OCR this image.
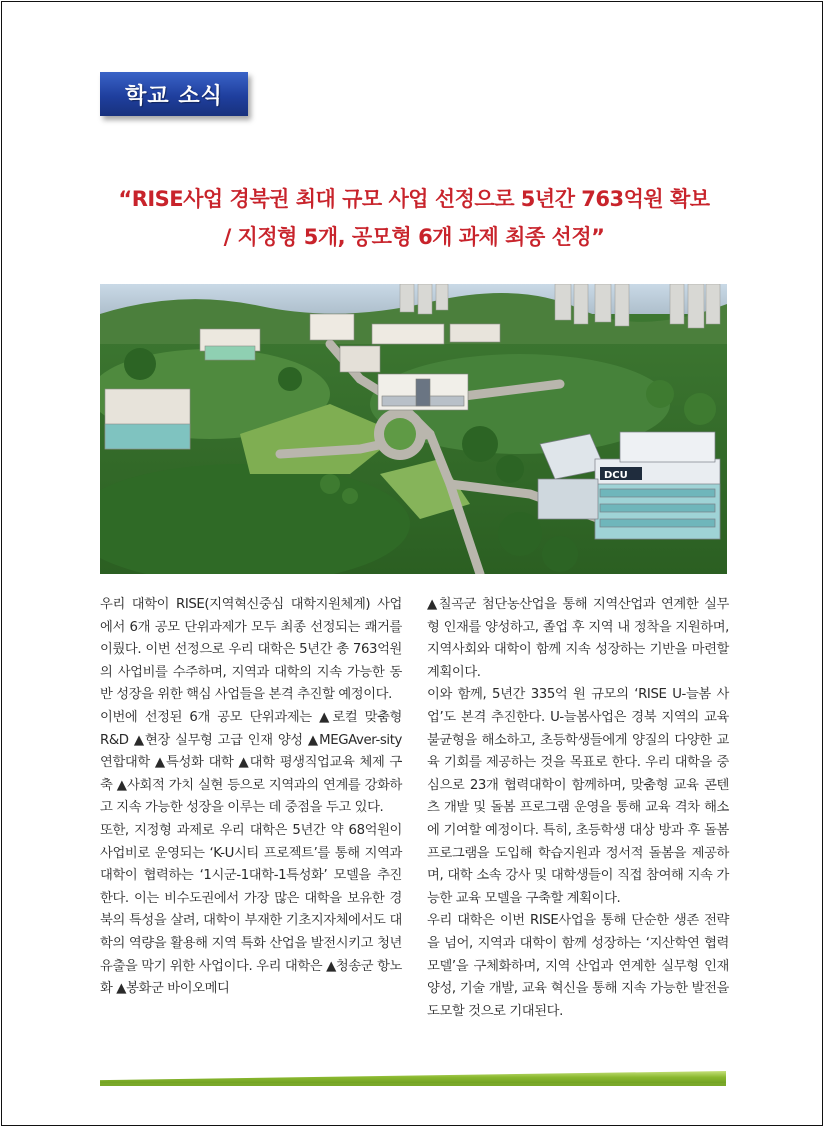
학교 소식
“RISE사업 경북권 최대 규모 사업 선정으로 5년간 763억원 확보
/ 지정형 5개, 공모형 6개 과제 최종 선정”
DCU

우리 대학이 RISE(지역혁신중심 대학지원체계) 사업에서 6개 공모 단위과제가 모두 최종 선정되는 쾌거를 이뤘다. 이번 선정으로 우리 대학은 5년간 총 763억원의 사업비를 수주하며, 지역과 대학의 지속 가능한 동반 성장을 위한 핵심 사업들을 본격 추진할 예정이다.

이번에 선정된 6개 공모 단위과제는 ▲로컬 맞춤형 R&D ▲현장 실무형 고급 인재 양성 ▲MEGAver-sity 연합대학 ▲특성화 대학 ▲대학 평생직업교육 체제 구축 ▲사회적 가치 실현 등으로 지역과의 연계를 강화하고 지속 가능한 성장을 이루는 데 중점을 두고 있다.

또한, 지정형 과제로 우리 대학은 5년간 약 68억원이 사업비로 운영되는 ‘K-U시티 프로젝트’를 통해 지역과 대학이 협력하는 ‘1시군-1대학-1특성화’ 모델을 추진한다. 이는 비수도권에서 가장 많은 대학을 보유한 경북의 특성을 살려, 대학이 부재한 기초지자체에서도 대학의 역량을 활용해 지역 특화 산업을 발전시키고 청년 유출을 막기 위한 사업이다. 우리 대학은 ▲청송군 항노화 ▲봉화군 바이오메디

▲칠곡군 첨단농산업을 통해 지역산업과 연계한 실무형 인재를 양성하고, 졸업 후 지역 내 정착을 지원하며, 지역사회와 대학이 함께 지속 성장하는 기반을 마련할 계획이다.

이와 함께, 5년간 335억 원 규모의 ‘RISE U-늘봄 사업’도 본격 추진한다. U-늘봄사업은 경북 지역의 교육 불균형을 해소하고, 초등학생들에게 양질의 다양한 교육 기회를 제공하는 것을 목표로 한다. 우리 대학을 중심으로 23개 협력대학이 함께하며, 맞춤형 교육 콘텐츠 개발 및 돌봄 프로그램 운영을 통해 교육 격차 해소에 기여할 예정이다. 특히, 초등학생 대상 방과 후 돌봄 프로그램을 도입해 학습지원과 정서적 돌봄을 제공하며, 대학 소속 강사 및 대학생들이 직접 참여해 지속 가능한 교육 모델을 구축할 계획이다.

우리 대학은 이번 RISE사업을 통해 단순한 생존 전략을 넘어, 지역과 대학이 함께 성장하는 ‘지산학연 협력 모델’을 구체화하며, 지역 산업과 연계한 실무형 인재 양성, 기술 개발, 교육 혁신을 통해 지속 가능한 발전을 도모할 것으로 기대된다.
